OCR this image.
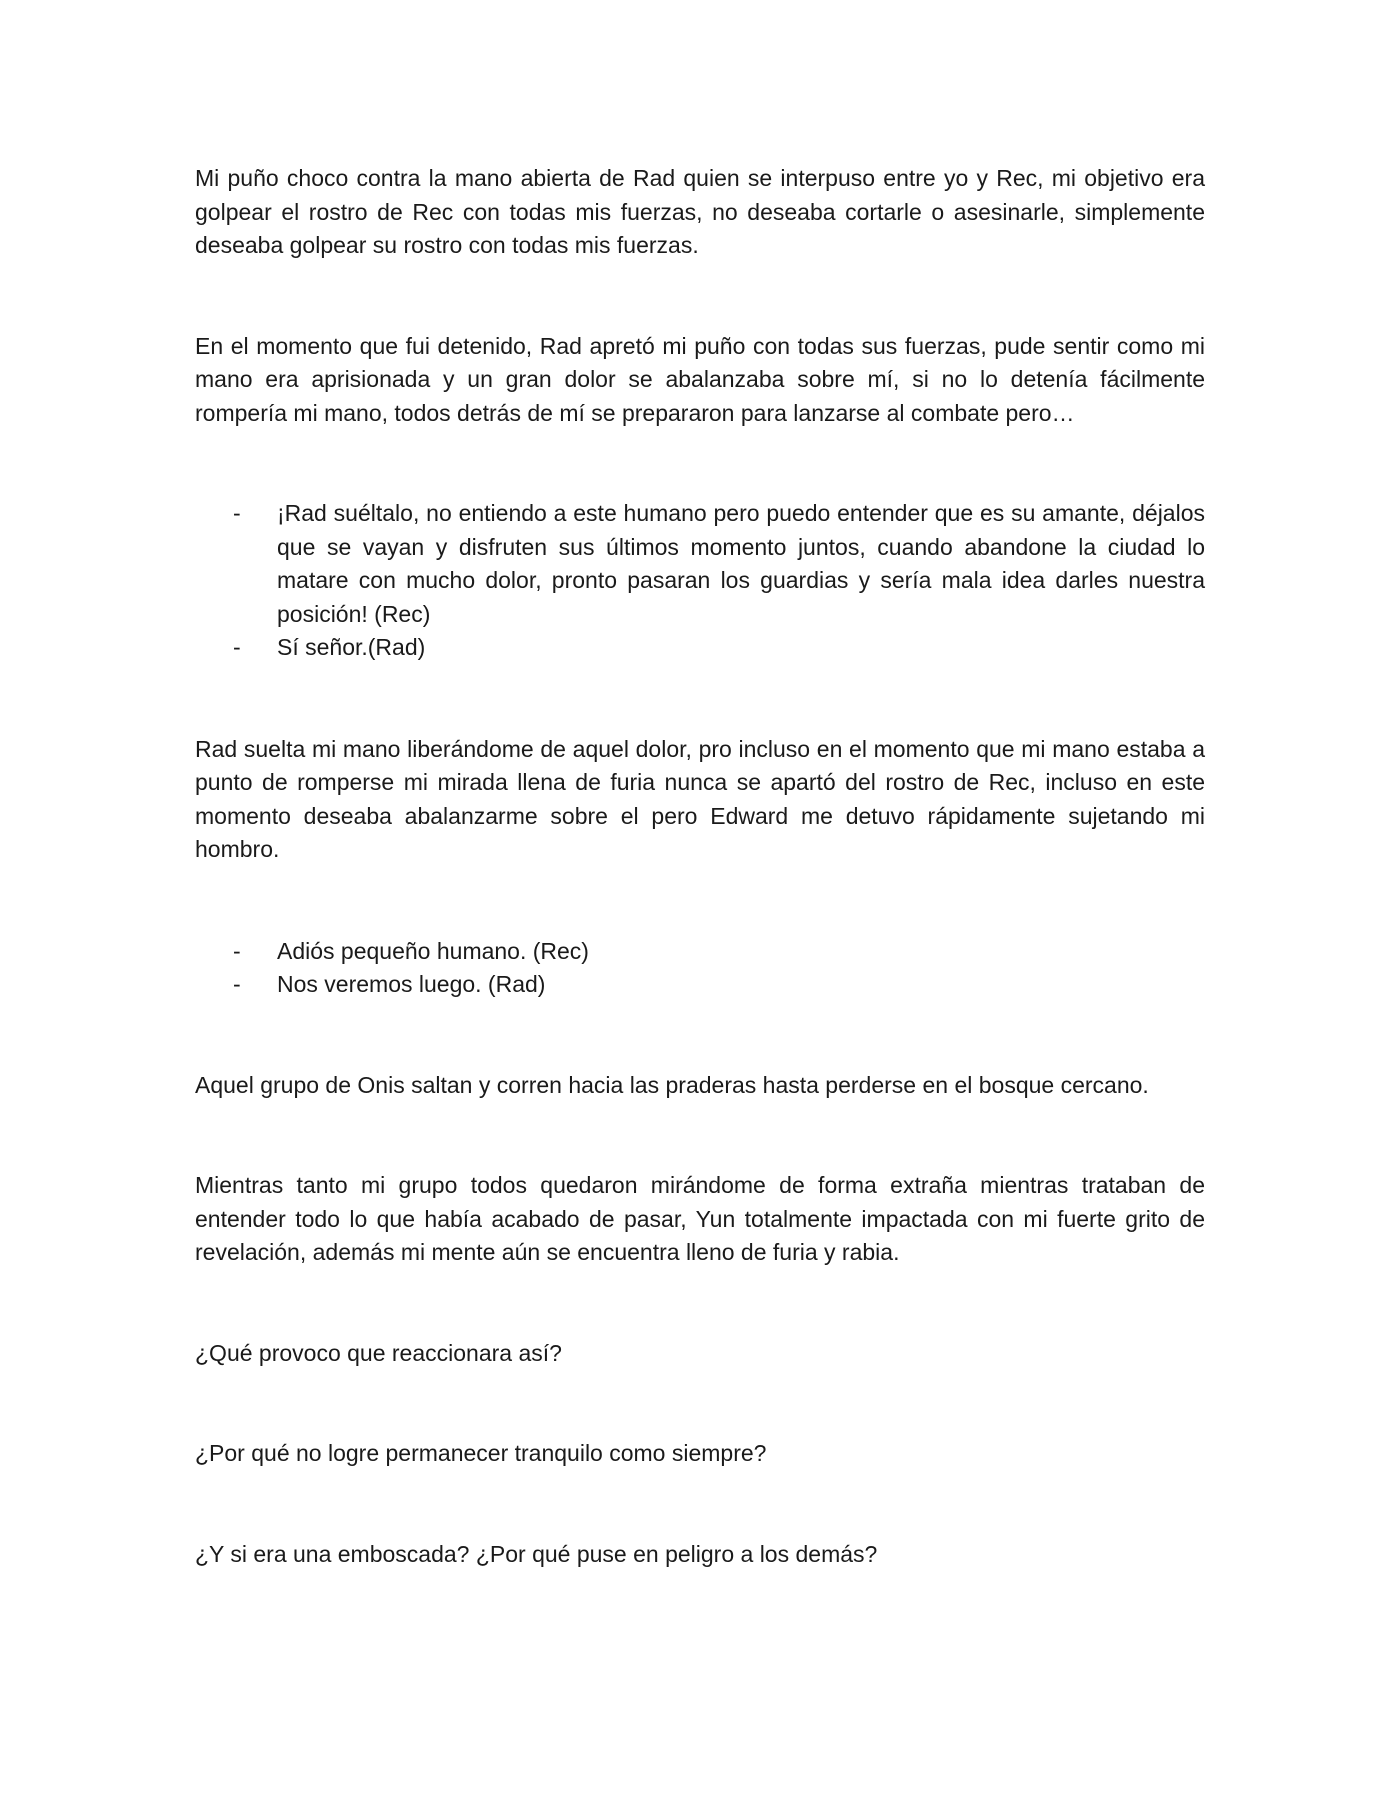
Mi puño choco contra la mano abierta de Rad quien se interpuso entre yo y Rec, mi objetivo era golpear el rostro de Rec con todas mis fuerzas, no deseaba cortarle o asesinarle, simplemente deseaba golpear su rostro con todas mis fuerzas.

En el momento que fui detenido, Rad apretó mi puño con todas sus fuerzas, pude sentir como mi mano era aprisionada y un gran dolor se abalanzaba sobre mí, si no lo detenía fácilmente rompería mi mano, todos detrás de mí se prepararon para lanzarse al combate pero…

- ¡Rad suéltalo, no entiendo a este humano pero puedo entender que es su amante, déjalos que se vayan y disfruten sus últimos momento juntos, cuando abandone la ciudad lo matare con mucho dolor, pronto pasaran los guardias y sería mala idea darles nuestra posición! (Rec)
- Sí señor.(Rad)

Rad suelta mi mano liberándome de aquel dolor, pro incluso en el momento que mi mano estaba a punto de romperse mi mirada llena de furia nunca se apartó del rostro de Rec, incluso en este momento deseaba abalanzarme sobre el pero Edward me detuvo rápidamente sujetando mi hombro.

- Adiós pequeño humano. (Rec)
- Nos veremos luego. (Rad)

Aquel grupo de Onis saltan y corren hacia las praderas hasta perderse en el bosque cercano.

Mientras tanto mi grupo todos quedaron mirándome de forma extraña mientras trataban de entender todo lo que había acabado de pasar, Yun totalmente impactada con mi fuerte grito de revelación, además mi mente aún se encuentra lleno de furia y rabia.

¿Qué provoco que reaccionara así?

¿Por qué no logre permanecer tranquilo como siempre?

¿Y si era una emboscada? ¿Por qué puse en peligro a los demás?
